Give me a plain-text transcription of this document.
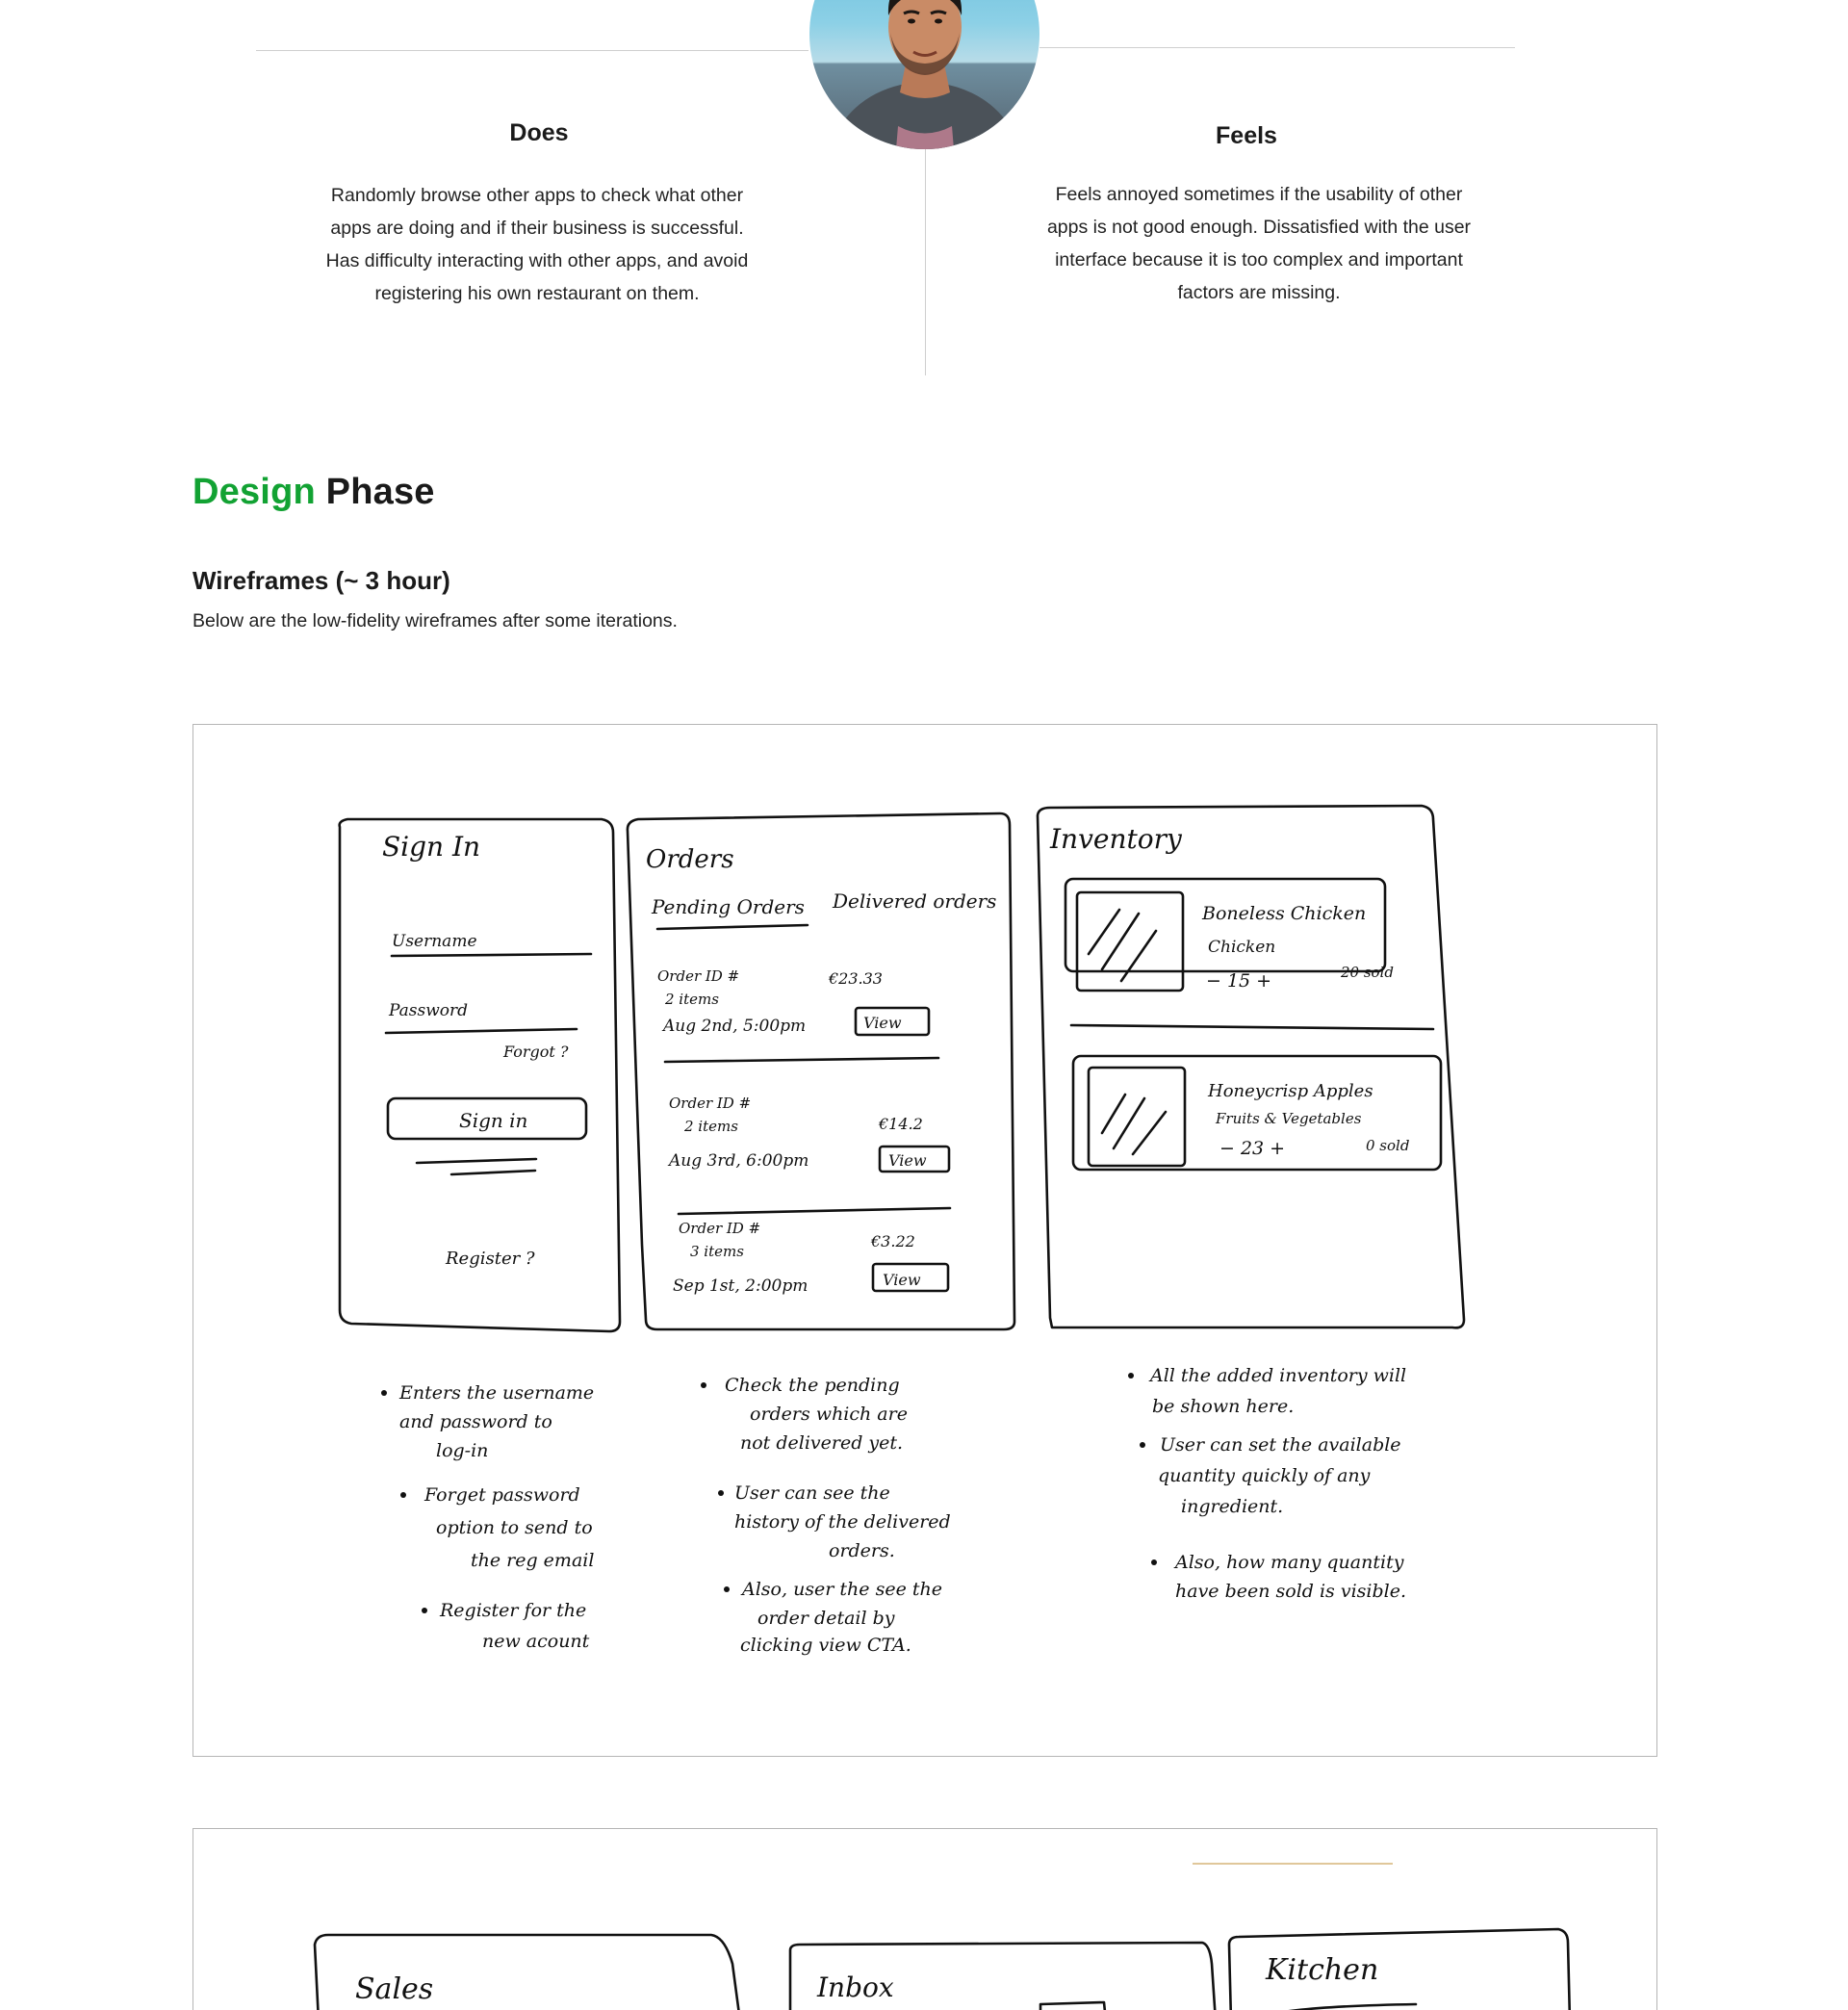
Does
Randomly browse other apps to check what other
apps are doing and if their business is successful.
Has difficulty interacting with other apps, and avoid
registering his own restaurant on them.
Feels
Feels annoyed sometimes if the usability of other
apps is not good enough. Dissatisfied with the user
interface because it is too complex and important
factors are missing.
Design Phase
Wireframes (~ 3 hour)
Below are the low-fidelity wireframes after some iterations.
Sign In
Username
Password
Forgot ?
Sign in
Register ?
Orders
Pending Orders Delivered orders
Order ID #
2 items
€23.33
Aug 2nd, 5:00pm	View
Order ID #
2 items	€14.2
Aug 3rd, 6:00pm	View
Order ID #
3 items
€3.22
Sep 1st, 2:00pm	View
Inventory
Boneless Chicken
Chicken
− 15 +	20 sold
Honeycrisp Apples
Fruits & Vegetables
− 23 +	0 sold
Enters the username
and password to
log-in
Forget password
option to send to
the reg email
Register for the
new acount
Check the pending
orders which are
not delivered yet.
User can see the
history of the delivered
orders.
Also, user the see the
order detail by
clicking view CTA.
All the added inventory will
be shown here.
User can set the available
quantity quickly of any
ingredient.
Also, how many quantity
have been sold is visible.
Sales	Inbox
Kitchen
